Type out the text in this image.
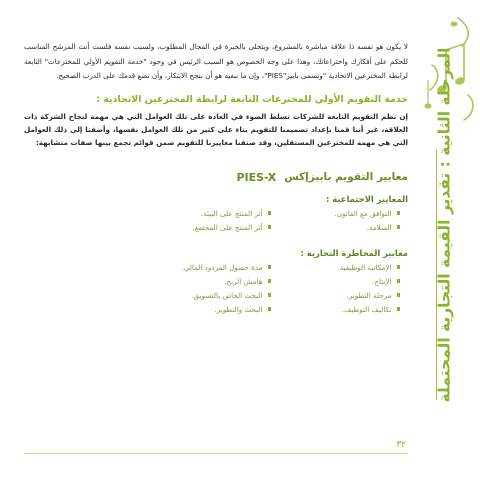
المرحلة الثانية : تقدير القيمة التجارية المحتملة

لا يكون هو نفسه ذا علاقة مباشرة بالمشروع، ويتحلى بالخبرة في المجال المطلوب، ولسبب نفسه فلست أنت المرشح المناسب للحكم على أفكارك واختراعاتك، وهذا على وجه الخصوص هو السبب الرئيس في وجود "خدمة التقويم الأولي للمخترعات" التابعة لرابطة المخترعين الاتحادية "وتسمى بابيز"PIES"، وإن ما نبغيه هو أن ننجح الابتكار، وأن نضع قدمك على الدرب الصحيح.

خدمة التقويم الأولي للمخترعات التابعة لرابطة المخترعين الاتحادية :

إن نظم التقويم التابعة للشركات تسلط الضوء في العادة على تلك العوامل التي هي مهمة لنجاح الشركة ذات العلاقة، غير أننا قمنا بإعداد تصميمنا للتقويم بناء على كثير من تلك العوامل نفسها، وأضفنا إلى ذلك العوامل التي هي مهمة للمخترعين المستقلين، وقد صنفنا معاييرنا للتقويم ضمن قوائم تجمع بينها صفات متشابهة:

معايير التقويم بابيزإكس
PIES-X
المعايير الاجتماعية :
التوافق مع القانون.
أثر المنتج على البيئة.
السلامة.
أثر المنتج على المجتمع.
معايير المخاطرة التجارية :
الإمكانية الوظيفية.
مدة حصول المردود المالي.
الإنتاج.
هامش الربح.
مرحلة التطوير.
البحث الخاص بالتسويق.
تكاليف التوظيف.
البحث والتطوير.
٣٢
